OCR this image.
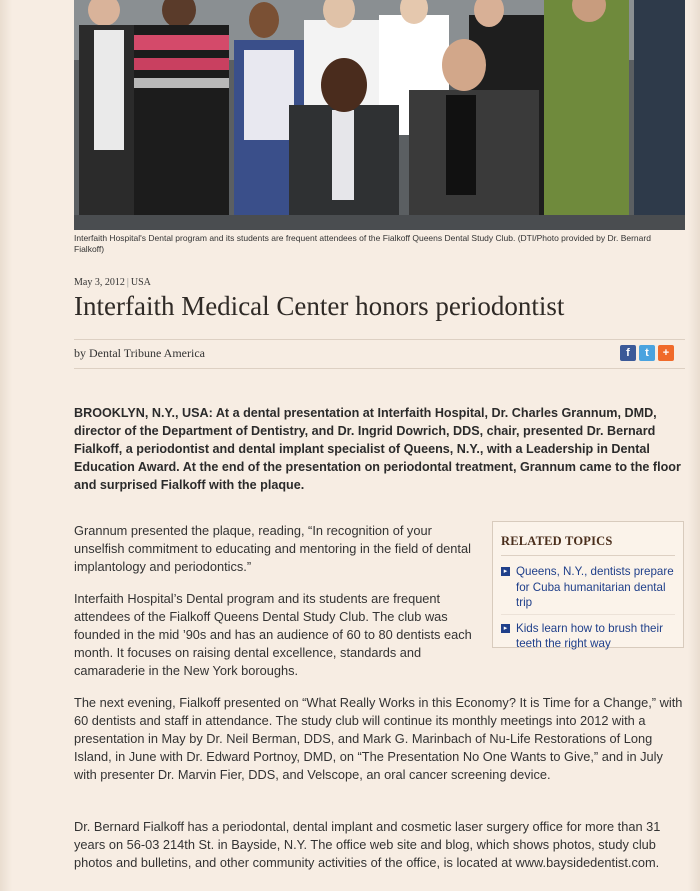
Interfaith Hospital's Dental program and its students are frequent attendees of the Fialkoff Queens Dental Study Club. (DTI/Photo provided by Dr. Bernard Fialkoff)
May 3, 2012 | USA
Interfaith Medical Center honors periodontist
by Dental Tribune America	f	t	+

BROOKLYN, N.Y., USA: At a dental presentation at Interfaith Hospital, Dr. Charles Grannum, DMD, director of the Department of Dentistry, and Dr. Ingrid Dowrich, DDS, chair, presented Dr. Bernard Fialkoff, a periodontist and dental implant specialist of Queens, N.Y., with a Leadership in Dental Education Award. At the end of the presentation on periodontal treatment, Grannum came to the floor and surprised Fialkoff with the plaque.

Grannum presented the plaque, reading, “In recognition of your unselfish commitment to educating and mentoring in the field of dental implantology and periodontics.”

RELATED TOPICS
▸ Queens, N.Y., dentists prepare for Cuba humanitarian dental trip
▸ Kids learn how to brush their teeth the right way

Interfaith Hospital’s Dental program and its students are frequent attendees of the Fialkoff Queens Dental Study Club. The club was founded in the mid ’90s and has an audience of 60 to 80 dentists each month. It focuses on raising dental excellence, standards and camaraderie in the New York boroughs.

The next evening, Fialkoff presented on “What Really Works in this Economy? It is Time for a Change,” with 60 dentists and staff in attendance. The study club will continue its monthly meetings into 2012 with a presentation in May by Dr. Neil Berman, DDS, and Mark G. Marinbach of Nu-Life Restorations of Long Island, in June with Dr. Edward Portnoy, DMD, on “The Presentation No One Wants to Give,” and in July with presenter Dr. Marvin Fier, DDS, and Velscope, an oral cancer screening device.

Dr. Bernard Fialkoff has a periodontal, dental implant and cosmetic laser surgery office for more than 31 years on 56-03 214th St. in Bayside, N.Y. The office web site and blog, which shows photos, study club photos and bulletins, and other community activities of the office, is located at www.baysidedentist.com.
